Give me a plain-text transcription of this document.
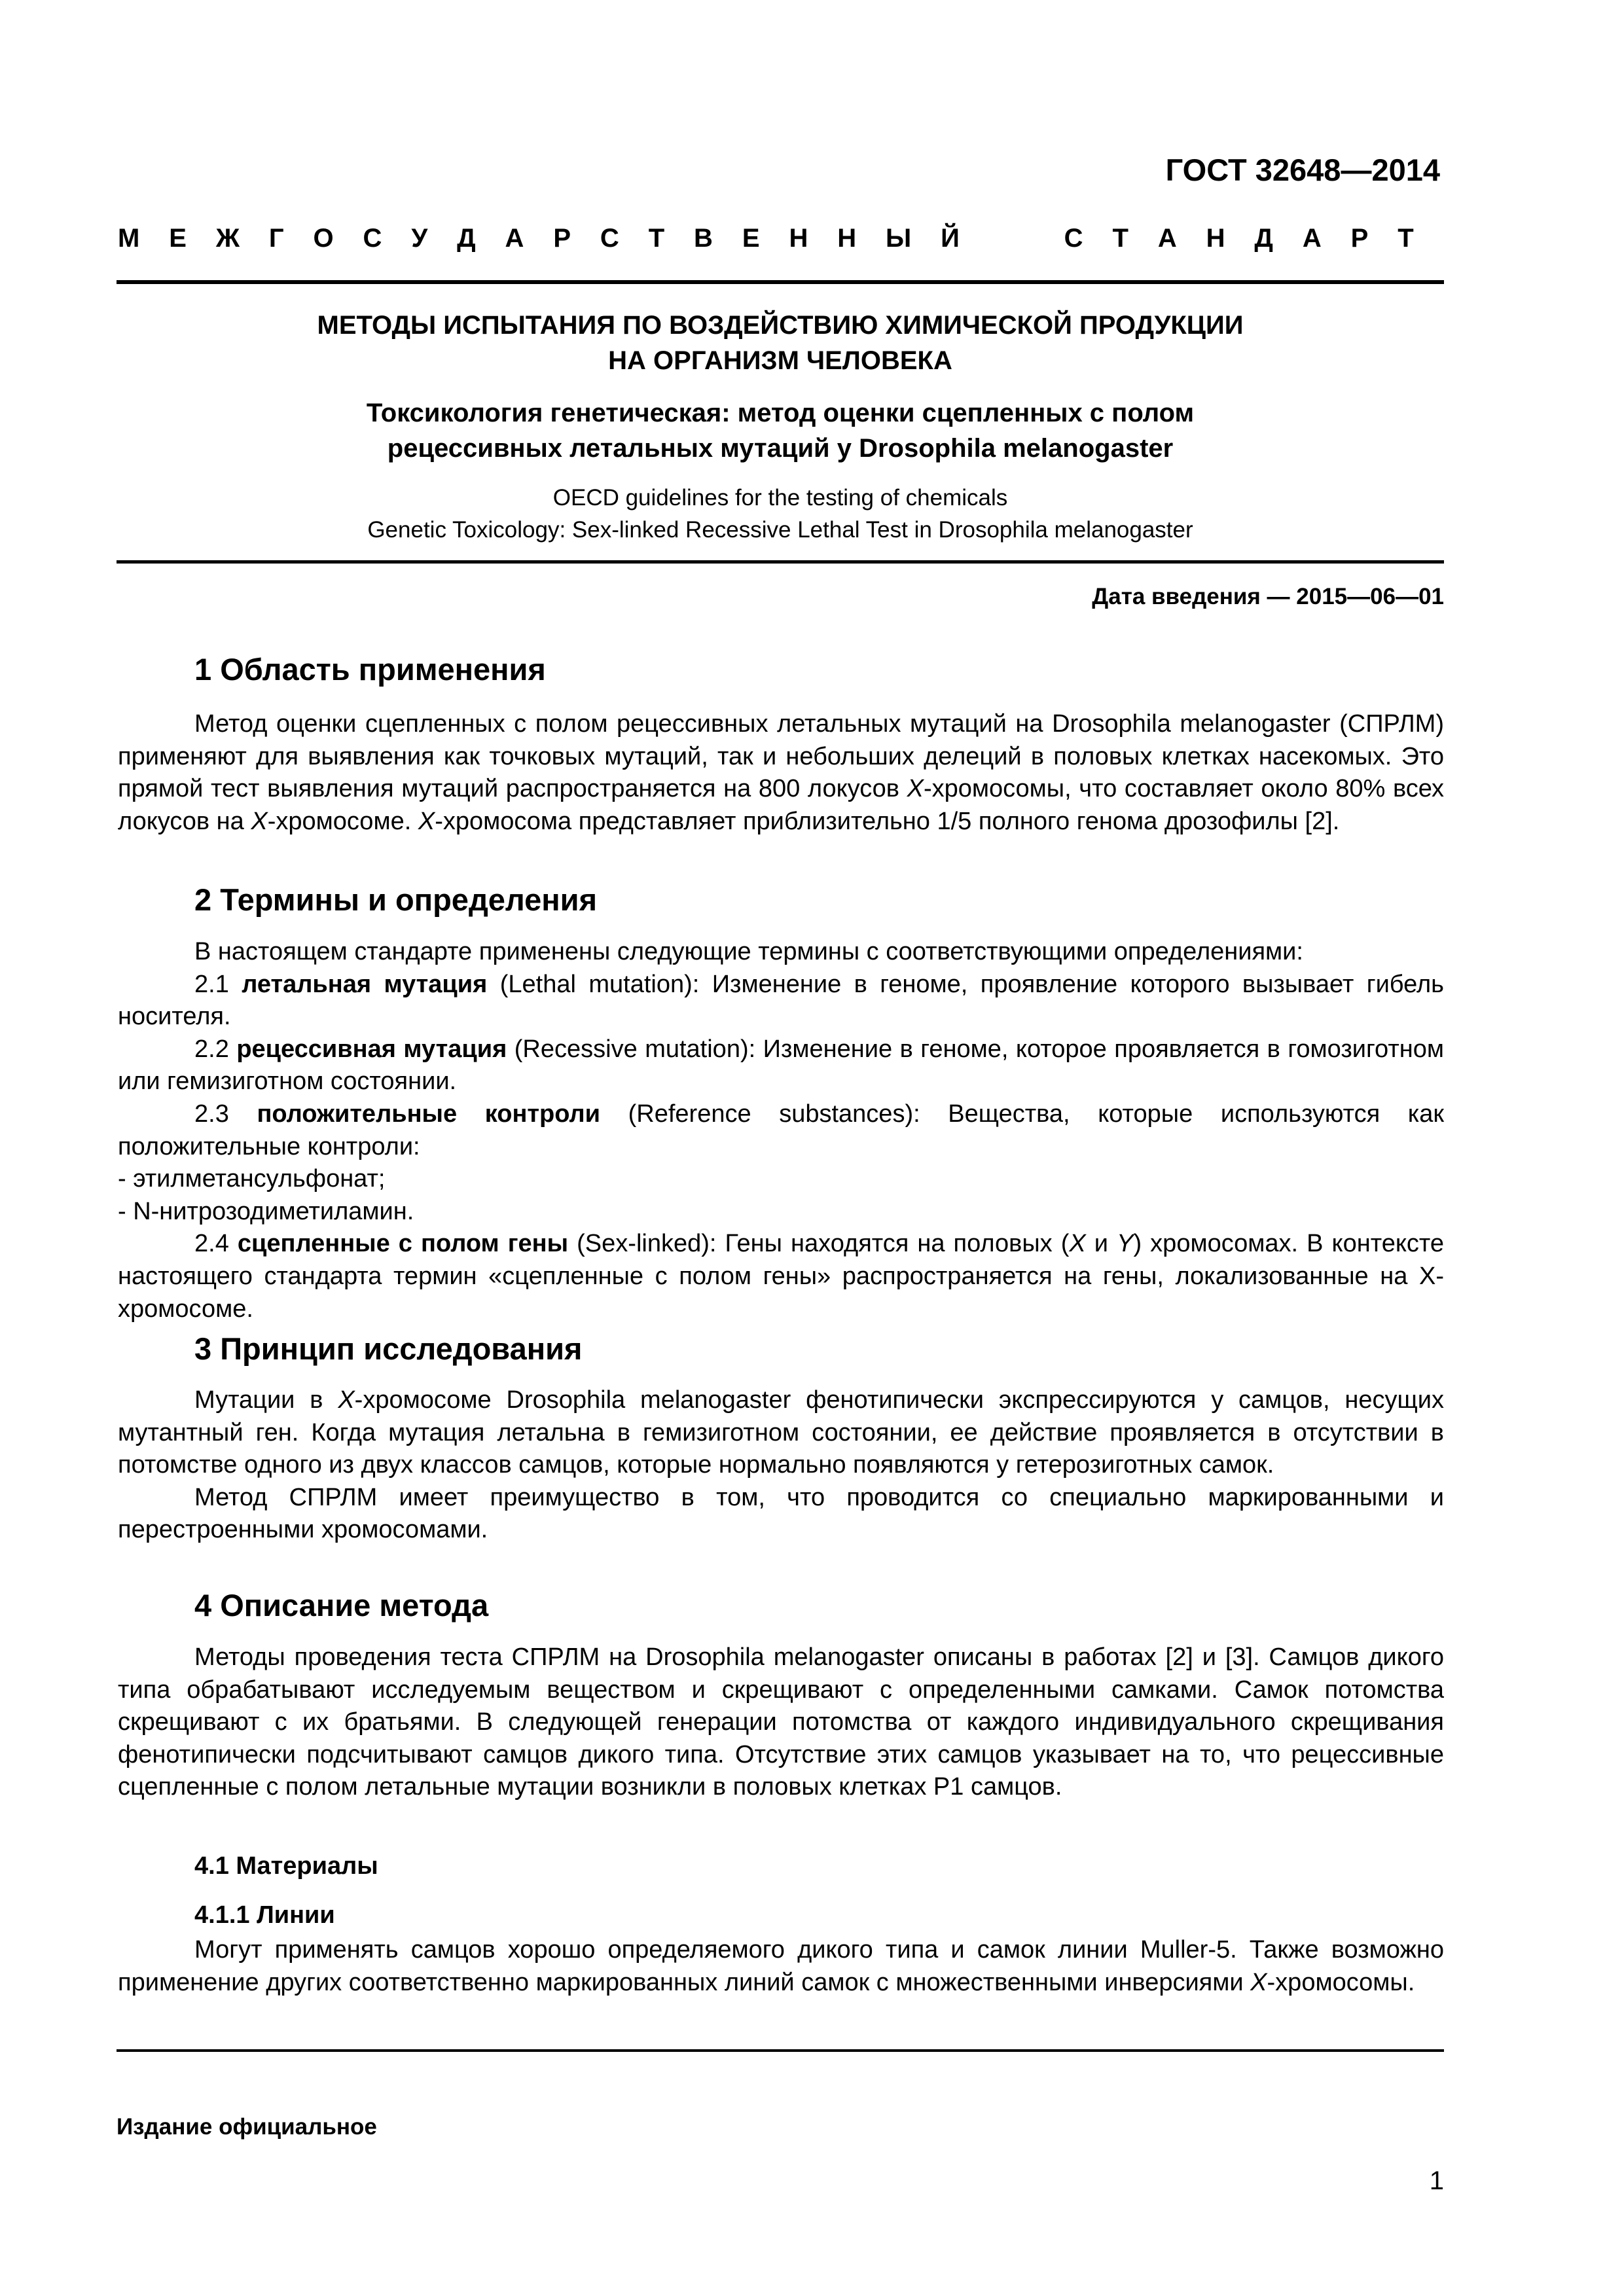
ГОСТ 32648—2014
М Е Ж Г О С У Д А Р С Т В Е Н Н Ы Й	С Т А Н Д А Р Т
МЕТОДЫ ИСПЫТАНИЯ ПО ВОЗДЕЙСТВИЮ ХИМИЧЕСКОЙ ПРОДУКЦИИ
НА ОРГАНИЗМ ЧЕЛОВЕКА
Токсикология генетическая: метод оценки сцепленных с полом
рецессивных летальных мутаций у Drosophila melanogaster
OECD guidelines for the testing of chemicals
Genetic Toxicology: Sex-linked Recessive Lethal Test in Drosophila melanogaster
Дата введения — 2015—06—01
1 Область применения

Метод оценки сцепленных с полом рецессивных летальных мутаций на Drosophila melanogaster (СПРЛМ) применяют для выявления как точковых мутаций, так и небольших делеций в половых клетках насекомых. Это прямой тест выявления мутаций распространяется на 800 локусов X-хромосомы, что составляет около 80% всех локусов на X-хромосоме. X-хромосома представляет приблизительно 1/5 полного генома дрозофилы [2].

2 Термины и определения

В настоящем стандарте применены следующие термины с соответствующими определениями:

2.1 летальная мутация (Lethal mutation): Изменение в геноме, проявление которого вызывает гибель носителя.

2.2 рецессивная мутация (Recessive mutation): Изменение в геноме, которое проявляется в гомозиготном или гемизиготном состоянии.

2.3 положительные контроли (Reference substances): Вещества, которые используются как положительные контроли:

- этилметансульфонат;

- N-нитрозодиметиламин.

2.4 сцепленные с полом гены (Sex-linked): Гены находятся на половых (X и Y) хромосомах. В контексте настоящего стандарта термин «сцепленные с полом гены» распространяется на гены, локализованные на X-хромосоме.

3 Принцип исследования

Мутации в X-хромосоме Drosophila melanogaster фенотипически экспрессируются у самцов, несущих мутантный ген. Когда мутация летальна в гемизиготном состоянии, ее действие проявляется в отсутствии в потомстве одного из двух классов самцов, которые нормально появляются у гетерозиготных самок.

Метод СПРЛМ имеет преимущество в том, что проводится со специально маркированными и перестроенными хромосомами.

4 Описание метода

Методы проведения теста СПРЛМ на Drosophila melanogaster описаны в работах [2] и [3]. Самцов дикого типа обрабатывают исследуемым веществом и скрещивают с определенными самками. Самок потомства скрещивают с их братьями. В следующей генерации потомства от каждого индивидуального скрещивания фенотипически подсчитывают самцов дикого типа. Отсутствие этих самцов указывает на то, что рецессивные сцепленные с полом летальные мутации возникли в половых клетках P1 самцов.

4.1 Материалы
4.1.1 Линии

Могут применять самцов хорошо определяемого дикого типа и самок линии Muller-5. Также возможно применение других соответственно маркированных линий самок с множественными инверсиями X-хромосомы.

Издание официальное
1
